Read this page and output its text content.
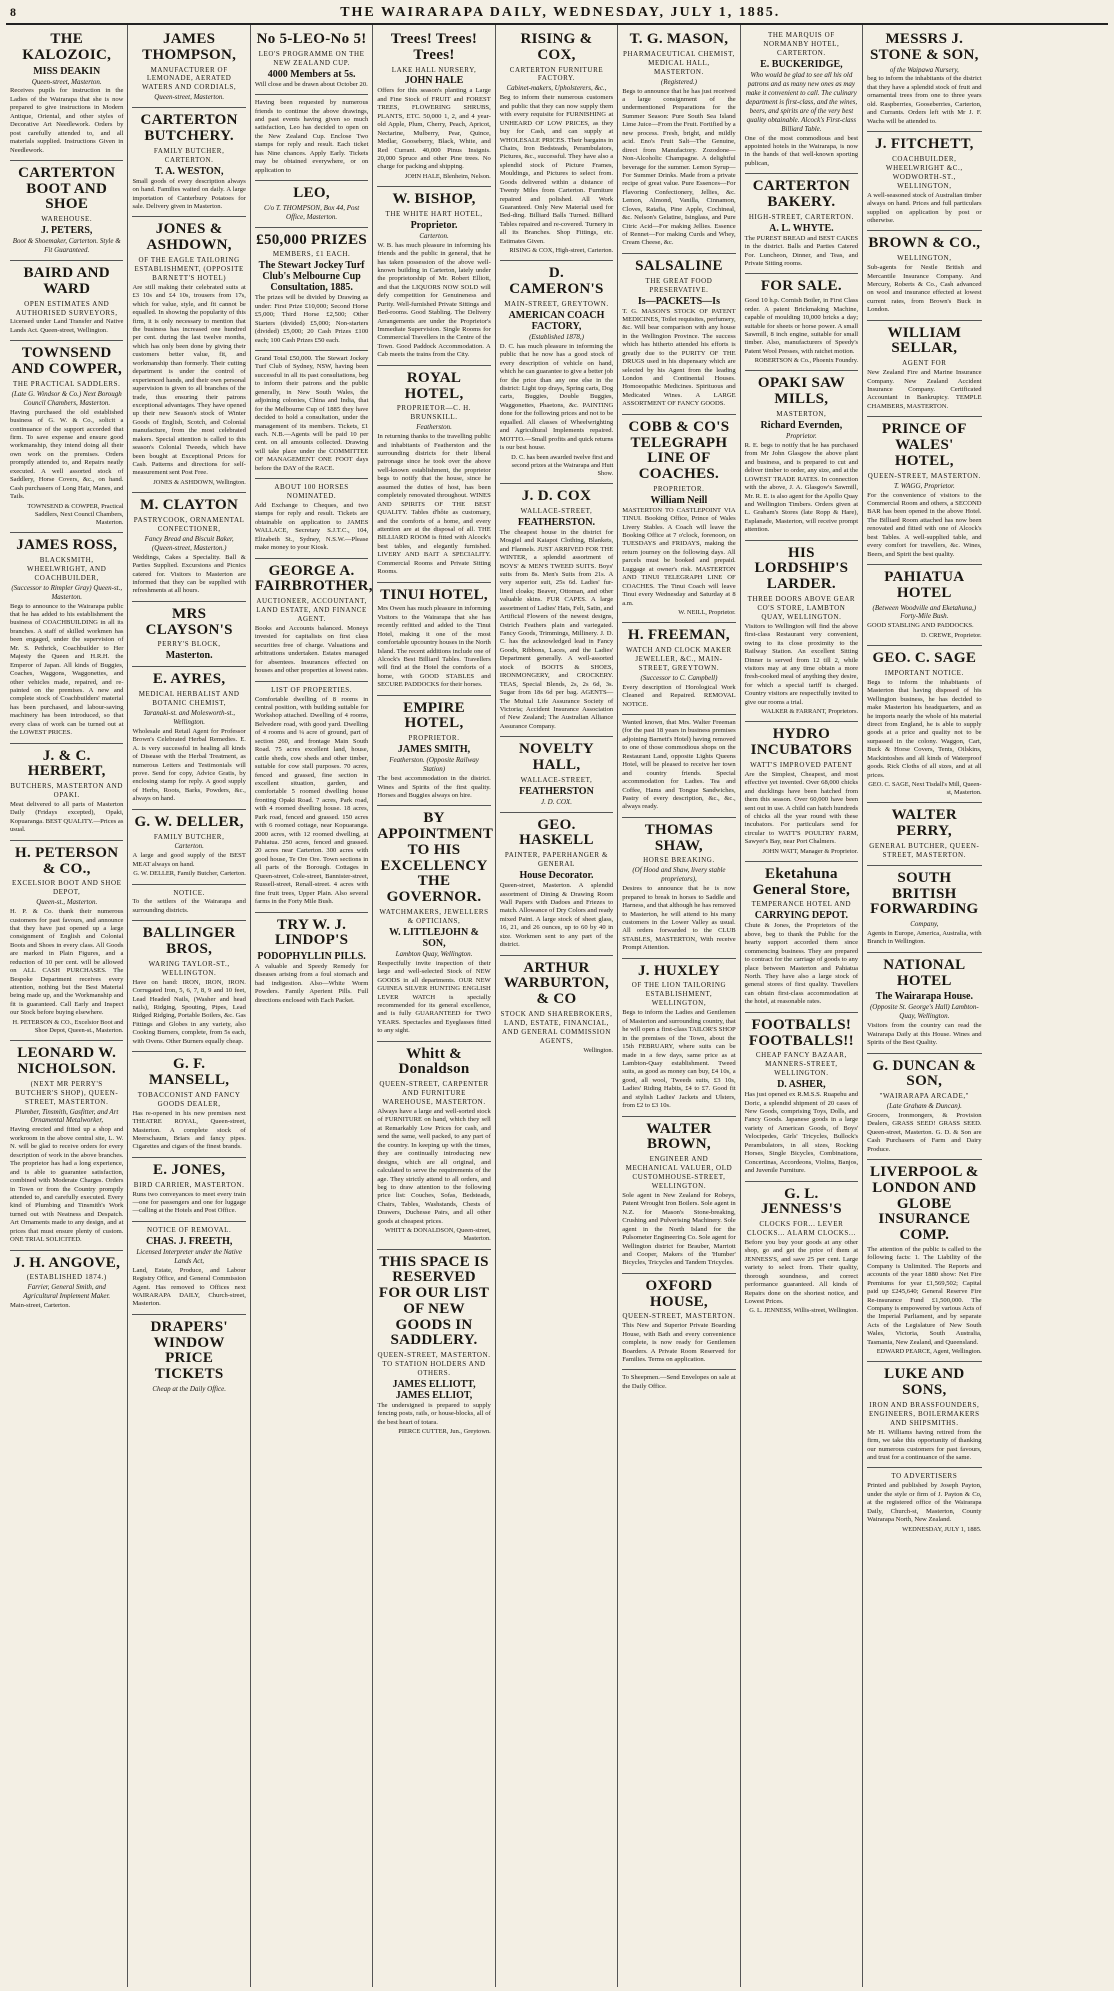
8	THE WAIRARAPA DAILY, WEDNESDAY, JULY 1, 1885.
THE KALOZOIC,
MISS DEAKIN
Queen-street, Masterton.
Receives pupils for instruction in the Ladies of the Wairarapa that she is now prepared to give instructions in Modern Antique, Oriental, and other styles of Decorative Art Needlework. Orders by post carefully attended to, and all materials supplied. Instructions Given in Needlework.
CARTERTON BOOT AND SHOE
WAREHOUSE.
J. PETERS,
Boot & Shoemaker, Carterton. Style & Fit Guaranteed.
BAIRD AND WARD
OPEN ESTIMATES AND AUTHORISED SURVEYORS,
Licensed under Land Transfer and Native Lands Act. Queen-street, Wellington.
TOWNSEND AND COWPER,
THE PRACTICAL SADDLERS.
(Late G. Windsor & Co.) Next Borough Council Chambers, Masterton.
Having purchased the old established business of G. W. & Co., solicit a continuance of the support accorded that firm. To save expense and ensure good workmanship, they intend doing all their own work on the premises. Orders promptly attended to, and Repairs neatly executed. A well assorted stock of Saddlery, Horse Covers, &c., on hand. Cash purchasers of Long Hair, Manes, and Tails.
TOWNSEND & COWPER, Practical Saddlers, Next Council Chambers, Masterton.
JAMES ROSS,
BLACKSMITH, WHEELWRIGHT, AND COACHBUILDER,
(Successor to Rimpler Gray) Queen-st., Masterton.
Begs to announce to the Wairarapa public that he has added to his establishment the business of COACHBUILDING in all its branches. A staff of skilled workmen has been engaged, under the supervision of Mr. S. Pethrick, Coachbuilder to Her Majesty the Queen and H.R.H. the Emperor of Japan. All kinds of Buggies, Coaches, Waggons, Waggonettes, and other vehicles made, repaired, and re-painted on the premises. A new and complete stock of Coachbuilders' material has been purchased, and labour-saving machinery has been introduced, so that every class of work can be turned out at the LOWEST PRICES.
J. & C. HERBERT,
BUTCHERS, MASTERTON AND OPAKI.
Meat delivered to all parts of Masterton Daily (Fridays excepted), Opaki, Kopuaranga. BEST QUALITY.—Prices as usual.
H. PETERSON & CO.,
EXCELSIOR BOOT AND SHOE DEPOT,
Queen-st., Masterton.
H. P. & Co. thank their numerous customers for past favours, and announce that they have just opened up a large consignment of English and Colonial Boots and Shoes in every class. All Goods are marked in Plain Figures, and a reduction of 10 per cent. will be allowed on ALL CASH PURCHASES. The Bespoke Department receives every attention, nothing but the Best Material being made up, and the Workmanship and fit is guaranteed. Call Early and Inspect our Stock before buying elsewhere.
H. PETERSON & CO., Excelsior Boot and Shoe Depot, Queen-st., Masterton.
LEONARD W. NICHOLSON.
(NEXT MR PERRY'S BUTCHER'S SHOP), QUEEN-STREET, MASTERTON.
Plumber, Tinsmith, Gasfitter, and Art Ornamental Metalworker,
Having erected and fitted up a shop and workroom in the above central site, L. W. N. will be glad to receive orders for every description of work in the above branches. The proprietor has had a long experience, and is able to guarantee satisfaction, combined with Moderate Charges. Orders in Town or from the Country promptly attended to, and carefully executed. Every kind of Plumbing and Tinsmith's Work turned out with Neatness and Despatch. Art Ornaments made to any design, and at prices that must ensure plenty of custom. ONE TRIAL SOLICITED.
J. H. ANGOVE,
(ESTABLISHED 1874.)
Farrier, General Smith, and Agricultural Implement Maker.
Main-street, Carterton.
JAMES THOMPSON,
MANUFACTURER OF LEMONADE, AERATED WATERS AND CORDIALS,
Queen-street, Masterton.
CARTERTON BUTCHERY.
FAMILY BUTCHER, CARTERTON.
T. A. WESTON,
Small goods of every description always on hand. Families waited on daily. A large importation of Canterbury Potatoes for sale. Delivery given in Masterton.
JONES & ASHDOWN,
OF THE EAGLE TAILORING ESTABLISHMENT, (OPPOSITE BARNETT'S HOTEL)
Are still making their celebrated suits at £3 10s and £4 10s, trousers from 17s, which for value, style, and fit cannot be equalled. In showing the popularity of this firm, it is only necessary to mention that the business has increased one hundred per cent. during the last twelve months, which has only been done by giving their customers better value, fit, and workmanship than formerly. Their cutting department is under the control of experienced hands, and their own personal supervision is given to all branches of the trade, thus ensuring their patrons exceptional advantages. They have opened up their new Season's stock of Winter Goods of English, Scotch, and Colonial manufacture, from the most celebrated makers. Special attention is called to this season's Colonial Tweeds, which have been bought at Exceptional Prices for Cash. Patterns and directions for self-measurement sent Post Free.
JONES & ASHDOWN, Wellington.
M. CLAYTON
PASTRYCOOK, ORNAMENTAL CONFECTIONER,
Fancy Bread and Biscuit Baker, (Queen-street, Masterton.)
Weddings, Cakes a Speciality. Ball & Parties Supplied. Excursions and Picnics catered for. Visitors to Masterton are informed that they can be supplied with refreshments at all hours.
MRS CLAYSON'S
PERRY'S BLOCK,
Masterton.
E. AYRES,
MEDICAL HERBALIST AND BOTANIC CHEMIST,
Taranaki-st. and Molesworth-st., Wellington.
Wholesale and Retail Agent for Professor Brown's Celebrated Herbal Remedies. E. A. is very successful in healing all kinds of Disease with the Herbal Treatment, as numerous Letters and Testimonials will prove. Send for copy, Advice Gratis, by enclosing stamp for reply. A good supply of Herbs, Roots, Barks, Powders, &c., always on hand.
G. W. DELLER,
FAMILY BUTCHER,
Carterton.
A large and good supply of the BEST MEAT always on hand.
G. W. DELLER, Family Butcher, Carterton.
NOTICE.
To the settlers of the Wairarapa and surrounding districts.
BALLINGER BROS,
WARING TAYLOR-ST., WELLINGTON.
Have on hand: IRON, IRON, IRON. Corrugated Iron, 5, 6, 7, 8, 9 and 10 feet, Lead Headed Nails, (Washer and head nails), Ridging, Spouting, Pipes, Lead Ridged Ridging, Portable Boilers, &c. Gas Fittings and Globes in any variety, also Cooking Burners, complete, from 5s each, with Ovens. Other Burners equally cheap.
G. F. MANSELL,
TOBACCONIST AND FANCY GOODS DEALER,
Has re-opened in his new premises next THEATRE ROYAL, Queen-street, Masterton. A complete stock of Meerschaum, Briars and fancy pipes. Cigarettes and cigars of the finest brands.
E. JONES,
BIRD CARRIER, MASTERTON.
Runs two conveyances to meet every train—one for passengers and one for luggage—calling at the Hotels and Post Office.
NOTICE OF REMOVAL.
CHAS. J. FREETH,
Licensed Interpreter under the Native Lands Act,
Land, Estate, Produce, and Labour Registry Office, and General Commission Agent. Has removed to Offices next WAIRARAPA DAILY, Church-street, Masterton.
DRAPERS' WINDOW PRICE TICKETS
Cheap at the Daily Office.
No 5-LEO-No 5!
LEO'S PROGRAMME ON THE NEW ZEALAND CUP.
4000 Members at 5s.
Will close and be drawn about October 20.
Having been requested by numerous friends to continue the above drawings, and past events having given so much satisfaction, Leo has decided to open on the New Zealand Cup. Enclose Two stamps for reply and result. Each ticket has Nine chances. Apply Early. Tickets may be obtained everywhere, or on application to
LEO,
C/o T. THOMPSON, Box 44, Post Office, Masterton.
£50,000 PRIZES
MEMBERS, £1 EACH.
The Stewart Jockey Turf Club's Melbourne Cup Consultation, 1885.
The prizes will be divided by Drawing as under: First Prize £10,000; Second Horse £5,000; Third Horse £2,500; Other Starters (divided) £5,000; Non-starters (divided) £5,000; 20 Cash Prizes £100 each; 100 Cash Prizes £50 each.
Grand Total £50,000. The Stewart Jockey Turf Club of Sydney, NSW, having been successful in all its past consultations, beg to inform their patrons and the public generally, in New South Wales, the adjoining colonies, China and India, that for the Melbourne Cup of 1885 they have decided to hold a consultation, under the management of its members. Tickets, £1 each. N.B.—Agents will be paid 10 per cent. on all amounts collected. Drawing will take place under the COMMITTEE OF MANAGEMENT ONE FOOT days before the DAY of the RACE.
ABOUT 100 HORSES NOMINATED.
Add Exchange to Cheques, and two stamps for reply and result. Tickets are obtainable on application to JAMES WALLACE, Secretary S.J.T.C., 104, Elizabeth St., Sydney, N.S.W.—Please make money to your Kiosk.
GEORGE A. FAIRBROTHER,
AUCTIONEER, ACCOUNTANT, LAND ESTATE, AND FINANCE AGENT.
Books and Accounts balanced. Moneys invested for capitalists on first class securities free of charge. Valuations and arbitrations undertaken. Estates managed for absentees. Insurances effected on houses and other properties at lowest rates.
LIST OF PROPERTIES.
Comfortable dwelling of 8 rooms in central position, with building suitable for Workshop attached. Dwelling of 4 rooms, Belvedere road, with good yard. Dwelling of 4 rooms and ¼ acre of ground, part of section 260, and frontage Main South Road. 75 acres excellent land, house, cattle sheds, cow sheds and other timber, suitable for cow stall purposes. 70 acres, fenced and grassed, fine section in excellent situation, garden, and comfortable 5 roomed dwelling house fronting Opaki Road. 7 acres, Park road, with 4 roomed dwelling house. 18 acres, Park road, fenced and grassed. 150 acres with 6 roomed cottage, near Kopuaranga. 2000 acres, with 12 roomed dwelling, at Pahiatua. 250 acres, fenced and grassed. 20 acres near Carterton. 300 acres with good house, Te Ore Ore. Town sections in all parts of the Borough. Cottages in Queen-street, Cole-street, Bannister-street, Russell-street, Renall-street. 4 acres with fine fruit trees, Upper Plain. Also several farms in the Forty Mile Bush.
TRY W. J. LINDOP'S
PODOPHYLLIN PILLS.
A valuable and Speedy Remedy for diseases arising from a foul stomach and bad indigestion. Also—White Worm Powders. Family Aperient Pills. Full directions enclosed with Each Packet.
Trees! Trees! Trees!
LAKE HALL NURSERY,
JOHN HALE
Offers for this season's planting a Large and Fine Stock of FRUIT and FOREST TREES, FLOWERING SHRUBS, PLANTS, ETC. 50,000 1, 2, and 4 year-old Apple, Plum, Cherry, Peach, Apricot, Nectarine, Mulberry, Pear, Quince, Medlar, Gooseberry, Black, White, and Red Currant. 40,000 Pinus Insignis. 20,000 Spruce and other Pine trees. No charge for packing and shipping.
JOHN HALE, Blenheim, Nelson.
W. BISHOP,
THE WHITE HART HOTEL,
Proprietor.
Carterton.
W. B. has much pleasure in informing his friends and the public in general, that he has taken possession of the above well-known building in Carterton, lately under the proprietorship of Mr. Robert Elliott, and that the LIQUORS NOW SOLD will defy competition for Genuineness and Purity. Well-furnished Private Sittings and Bed-rooms. Good Stabling. The Delivery Arrangements are under the Proprietor's Immediate Supervision. Single Rooms for Commercial Travellers in the Centre of the Town. Good Paddock Accommodation. A Cab meets the trains from the City.
ROYAL HOTEL,
PROPRIETOR—C. H. BRUNSKILL.
Featherston.
In returning thanks to the travelling public and inhabitants of Featherston and the surrounding districts for their liberal patronage since he took over the above well-known establishment, the proprietor begs to notify that the house, since he assumed the duties of host, has been completely renovated throughout. WINES AND SPIRITS OF THE BEST QUALITY. Tables d'hôte as customary, and the comforts of a home, and every attention are at the disposal of all. THE BILLIARD ROOM is fitted with Alcock's best tables, and elegantly furnished. LIVERY AND BAIT A SPECIALITY. Commercial Rooms and Private Sitting Rooms.
TINUI HOTEL,
Mrs Owen has much pleasure in informing Visitors to the Wairarapa that she has recently refitted and added to the Tinui Hotel, making it one of the most comfortable upcountry houses in the North Island. The recent additions include one of Alcock's Best Billiard Tables. Travellers will find at the Hotel the comforts of a home, with GOOD STABLES and SECURE PADDOCKS for their horses.
EMPIRE HOTEL,
PROPRIETOR.
JAMES SMITH,
Featherston. (Opposite Railway Station)
The best accommodation in the district. Wines and Spirits of the first quality. Horses and Buggies always on hire.
BY APPOINTMENT TO HIS EXCELLENCY THE GOVERNOR.
WATCHMAKERS, JEWELLERS & OPTICIANS,
W. LITTLEJOHN & SON,
Lambton Quay, Wellington.
Respectfully invite inspection of their large and well-selected Stock of NEW GOODS in all departments. OUR NEW GUINEA SILVER HUNTING ENGLISH LEVER WATCH is specially recommended for its general excellence, and is fully GUARANTEED for TWO YEARS. Spectacles and Eyeglasses fitted to any sight.
Whitt & Donaldson
QUEEN-STREET, CARPENTER AND FURNITURE WAREHOUSE, MASTERTON.
Always have a large and well-sorted stock of FURNITURE on hand, which they sell at Remarkably Low Prices for cash, and send the same, well packed, to any part of the country. In keeping up with the times, they are continually introducing new designs, which are all original, and calculated to serve the requirements of the age. They strictly attend to all orders, and beg to draw attention to the following price list: Couches, Sofas, Bedsteads, Chairs, Tables, Washstands, Chests of Drawers, Duchesse Pairs, and all other goods at cheapest prices.
WHITT & DONALDSON, Queen-street, Masterton.
THIS SPACE IS RESERVED FOR OUR LIST OF NEW GOODS IN SADDLERY.
QUEEN-STREET, MASTERTON. TO STATION HOLDERS AND OTHERS.
JAMES ELLIOTT, JAMES ELLIOT,
The undersigned is prepared to supply fencing posts, rails, or house-blocks, all of the best heart of totara.
PIERCE CUTTER, Jun., Greytown.
RISING & COX,
CARTERTON FURNITURE FACTORY.
Cabinet-makers, Upholsterers, &c.,
Beg to inform their numerous customers and public that they can now supply them with every requisite for FURNISHING at UNHEARD OF LOW PRICES, as they buy for Cash, and can supply at WHOLESALE PRICES. Their bargains in Chairs, Iron Bedsteads, Perambulators, Pictures, &c., successful. They have also a splendid stock of Picture Frames, Mouldings, and Pictures to select from. Goods delivered within a distance of Twenty Miles from Carterton. Furniture repaired and polished. All Work Guaranteed. Only New Material used for Bed-ding. Billiard Balls Turned. Billiard Tables repaired and re-covered. Turnery in all its Branches. Shop Fittings, etc. Estimates Given.
RISING & COX, High-street, Carterton.
D. CAMERON'S
MAIN-STREET, GREYTOWN.
AMERICAN COACH FACTORY,
(Established 1878,)
D. C. has much pleasure in informing the public that he now has a good stock of every description of vehicle on hand, which he can guarantee to give a better job for the price than any one else in the district: Light top drays, Spring carts, Dog carts, Buggies, Double Buggies, Waggonettes, Phaetons, &c. PAINTING done for the following prices and not to be equalled. All classes of Wheelwrighting and Agricultural Implements repaired. MOTTO.—Small profits and quick returns is our best house.
D. C. has been awarded twelve first and second prizes at the Wairarapa and Hutt Show.
J. D. COX
WALLACE-STREET,
FEATHERSTON.
The cheapest house in the district for Mosgiel and Kaiapoi Clothing, Blankets, and Flannels. JUST ARRIVED FOR THE WINTER, a splendid assortment of BOYS' & MEN'S TWEED SUITS. Boys' suits from 8s. Men's Suits from 21s. A very superior suit, 25s 6d. Ladies' fur-lined cloaks; Beaver, Ottoman, and other valuable skins. FUR CAPES. A large assortment of Ladies' Hats, Felt, Satin, and Artificial Flowers of the newest designs, Ostrich Feathers plain and variegated. Fancy Goods, Trimmings, Millinery. J. D. C. has the acknowledged lead in Fancy Goods, Ribbons, Laces, and the Ladies' Department generally. A well-assorted stock of BOOTS & SHOES, IRONMONGERY, and CROCKERY. TEAS, Special Blends, 2s, 2s 6d, 3s. Sugar from 18s 6d per bag. AGENTS—The Mutual Life Assurance Society of Victoria; Accident Insurance Association of New Zealand; The Australian Alliance Assurance Company.
NOVELTY HALL,
WALLACE-STREET,
FEATHERSTON
J. D. COX.
GEO. HASKELL
PAINTER, PAPERHANGER & GENERAL
House Decorator.
Queen-street, Masterton. A splendid assortment of Dining & Drawing Room Wall Papers with Dadoes and Friezes to match. Allowance of Dry Colors and ready mixed Paint. A large stock of sheet glass, 16, 21, and 26 ounces, up to 60 by 40 in size. Workmen sent to any part of the district.
ARTHUR WARBURTON, & CO
STOCK AND SHAREBROKERS, LAND, ESTATE, FINANCIAL, AND GENERAL COMMISSION AGENTS,
Wellington.
T. G. MASON,
PHARMACEUTICAL CHEMIST, MEDICAL HALL, MASTERTON.
(Registered.)
Begs to announce that he has just received a large consignment of the undermentioned Preparations for the Summer Season: Pure South Sea Island Lime Juice—From the Fruit. Fortified by a new process. Fresh, bright, and mildly acid. Eno's Fruit Salt—The Genuine, direct from Manufactory. Zozodone—Non-Alcoholic Champagne. A delightful beverage for the summer. Lemon Syrup—For Summer Drinks. Made from a private recipe of great value. Pure Essences—For Flavoring Confectionery, Jellies, &c. Lemon, Almond, Vanilla, Cinnamon, Cloves, Ratafia, Pine Apple, Cochineal, &c. Nelson's Gelatine, Isinglass, and Pure Citric Acid—For making Jellies. Essence of Rennet—For making Curds and Whey, Cream Cheese, &c.
SALSALINE
THE GREAT FOOD PRESERVATIVE.
Is—PACKETS—Is
T. G. MASON'S STOCK OF PATENT MEDICINES, Toilet requisites, perfumery, &c. Will bear comparison with any house in the Wellington Province. The success which has hitherto attended his efforts is greatly due to the PURITY OF THE DRUGS used in his dispensary which are selected by his Agent from the leading London and Continental Houses. Homoeopathic Medicines. Spirituous and Medicated Wines. A LARGE ASSORTMENT OF FANCY GOODS.
COBB & CO'S TELEGRAPH LINE OF COACHES.
PROPRIETOR.
William Neill
MASTERTON TO CASTLEPOINT VIA TINUI. Booking Office, Prince of Wales Livery Stables. A Coach will leave the Booking Office at 7 o'clock, forenoon, on TUESDAYS and FRIDAYS, making the return journey on the following days. All parcels must be booked and prepaid. Luggage at owner's risk. MASTERTON AND TINUI TELEGRAPH LINE OF COACHES. The Tinui Coach will leave Tinui every Wednesday and Saturday at 8 a.m.
W. NEILL, Proprietor.
H. FREEMAN,
WATCH AND CLOCK MAKER JEWELLER, &C., MAIN-STREET, GREYTOWN.
(Successor to C. Campbell)
Every description of Horological Work Cleaned and Repaired. REMOVAL NOTICE.
Wanted known, that Mrs. Walter Freeman (for the past 18 years in business premises adjoining Barnett's Hotel) having removed to one of those commodious shops on the Restaurant Land, opposite Lights Queens Hotel, will be pleased to receive her town and country friends. Special accommodation for Ladies. Tea and Coffee, Hams and Tongue Sandwiches, Pastry of every description, &c., &c., always ready.
THOMAS SHAW,
HORSE BREAKING.
(Of Hood and Shaw, livery stable proprietors),
Desires to announce that he is now prepared to break in horses to Saddle and Harness, and that although he has removed to Masterton, he will attend to his many customers in the Lower Valley as usual. All orders forwarded to the CLUB STABLES, MASTERTON, With receive Prompt Attention.
J. HUXLEY
OF THE LION TAILORING ESTABLISHMENT, WELLINGTON,
Begs to inform the Ladies and Gentlemen of Masterton and surrounding country, that he will open a first-class TAILOR'S SHOP in the premises of the Town, about the 15th FEBRUARY, where suits can be made in a few days, same price as at Lambton-Quay establishment. Tweed suits, as good as money can buy, £4 10s, a good, all wool, Tweeds suits, £3 10s, Ladies' Riding Habits, £4 to £7. Good fit and stylish Ladies' Jackets and Ulsters, from £2 to £3 10s.
WALTER BROWN,
ENGINEER AND MECHANICAL VALUER, OLD CUSTOMHOUSE-STREET, WELLINGTON.
Sole agent in New Zealand for Robeys, Patent Wrought Iron Boilers. Sole agent in N.Z. for Mason's Stone-breaking, Crushing and Pulverising Machinery. Sole agent in the North Island for the Pulsometer Engineering Co. Sole agent for Wellington district for Brauber, Marriott and Cooper, Makers of the 'Humber' Bicycles, Tricycles and Tandem Tricycles.
OXFORD HOUSE,
QUEEN-STREET, MASTERTON.
This New and Superior Private Boarding House, with Bath and every convenience complete, is now ready for Gentlemen Boarders. A Private Room Reserved for Families. Terms on application.
To Sheepmen.—Send Envelopes on sale at the Daily Office.
THE MARQUIS OF NORMANBY HOTEL, CARTERTON.
E. BUCKERIDGE,
Who would be glad to see all his old patrons and as many new ones as may make it convenient to call. The culinary department is first-class, and the wines, beers, and spirits are of the very best quality obtainable. Alcock's First-class Billiard Table.
One of the most commodious and best appointed hotels in the Wairarapa, is now in the hands of that well-known sporting publican,
CARTERTON BAKERY.
HIGH-STREET, CARTERTON.
A. L. WHYTE.
The PUREST BREAD and BEST CAKES in the district. Balls and Parties Catered For. Luncheon, Dinner, and Teas, and Private Sitting rooms.
FOR SALE.
Good 10 h.p. Cornish Boiler, in First Class order. A patent Brickmaking Machine, capable of moulding 10,000 bricks a day; suitable for sheets or horse power. A small Sawmill, 8 inch engine, suitable for small timber. Also, manufacturers of Speedy's Patent Wool Presses, with ratchet motion.
ROBERTSON & Co., Phoenix Foundry.
OPAKI SAW MILLS,
MASTERTON,
Richard Evernden,
Proprietor.
R. E. begs to notify that he has purchased from Mr John Glasgow the above plant and business, and is prepared to cut and deliver timber to order, any size, and at the LOWEST TRADE RATES. In connection with the above, J. A. Glasgow's Sawmill, Mr. R. E. is also agent for the Apollo Quay and Wellington Timbers. Orders given at L. Graham's Stores (late Ropp & Hare), Esplanade, Masterton, will receive prompt attention.
HIS LORDSHIP'S LARDER.
THREE DOORS ABOVE GEAR CO'S STORE, LAMBTON QUAY, WELLINGTON.
Visitors to Wellington will find the above first-class Restaurant very convenient, owing to its close proximity to the Railway Station. An excellent Sitting Dinner is served from 12 till 2, while visitors may at any time obtain a more fresh-cooked meal of anything they desire, for which a special tariff is charged. Country visitors are respectfully invited to give our rooms a trial.
WALKER & FARRANT, Proprietors.
HYDRO INCUBATORS
WATT'S IMPROVED PATENT
Are the Simplest, Cheapest, and most effective yet invented. Over 68,000 chicks and ducklings have been hatched from them this season. Over 60,000 have been sent out in use. A child can hatch hundreds of chicks all the year round with these incubators. For particulars send for circular to WATT'S POULTRY FARM, Sawyer's Bay, near Port Chalmers.
JOHN WATT, Manager & Proprietor.
Eketahuna General Store,
TEMPERANCE HOTEL AND
CARRYING DEPOT.
Chute & Jones, the Proprietors of the above, beg to thank the Public for the hearty support accorded them since commencing business. They are prepared to contract for the carriage of goods to any place between Masterton and Pahiatua North. They have also a large stock of general stores of first quality. Travellers can obtain first-class accommodation at the hotel, at reasonable rates.
FOOTBALLS! FOOTBALLS!!
CHEAP FANCY BAZAAR, MANNERS-STREET, WELLINGTON.
D. ASHER,
Has just opened ex R.M.S.S. Ruapehu and Doric, a splendid shipment of 20 cases of New Goods, comprising Toys, Dolls, and Fancy Goods. Japanese goods in a large variety of American Goods, of Boys' Velocipedes, Girls' Tricycles, Bullock's Perambulators, in all sizes, Rocking Horses, Single Bicycles, Combinations, Concertinas, Accordeons, Violins, Banjos, and Juvenile Furniture.
G. L. JENNESS'S
CLOCKS FOR... LEVER CLOCKS... ALARM CLOCKS...
Before you buy your goods at any other shop, go and get the price of them at JENNESS'S, and save 25 per cent. Large variety to select from. Their quality, thorough soundness, and correct performance guaranteed. All kinds of Repairs done on the shortest notice, and Lowest Prices.
G. L. JENNESS, Willis-street, Wellington.
MESSRS J. STONE & SON,
of the Waipawa Nursery,
beg to inform the inhabitants of the district that they have a splendid stock of fruit and ornamental trees from one to three years old. Raspberries, Gooseberries, Carterton, and Currants. Orders left with Mr J. F. Wachs will be attended to.
J. FITCHETT,
COACHBUILDER, WHEELWRIGHT &C., WODWORTH-ST., WELLINGTON,
A well-seasoned stock of Australian timber always on hand. Prices and full particulars supplied on application by post or otherwise.
BROWN & CO.,
WELLINGTON,
Sub-agents for Nestle British and Mercantile Insurance Company. And Mercury, Roberts & Co., Cash advanced on wool and insurance effected at lowest current rates, from Brown's Buck in London.
WILLIAM SELLAR,
AGENT FOR
New Zealand Fire and Marine Insurance Company. New Zealand Accident Insurance Company. Certificated Accountant in Bankruptcy. TEMPLE CHAMBERS, MASTERTON.
PRINCE OF WALES' HOTEL,
QUEEN-STREET, MASTERTON.
T. WAGG, Proprietor.
For the convenience of visitors to the Commercial Room and others, a SECOND BAR has been opened in the above Hotel. The Billiard Room attached has now been renovated and fitted with one of Alcock's best Tables. A well-supplied table, and every comfort for travellers, &c. Wines, Beers, and Spirit the best quality.
PAHIATUA HOTEL
(Between Woodville and Eketahuna,) Forty-Mile Bush.
GOOD STABLING AND PADDOCKS.
D. CREWE, Proprietor.
GEO. C. SAGE
IMPORTANT NOTICE.
Begs to inform the inhabitants of Masterton that having disposed of his Wellington business, he has decided to make Masterton his headquarters, and as he imports nearly the whole of his material direct from England, he is able to supply goods at a price and quality not to be surpassed in the colony. Waggon, Cart, Buck & Horse Covers, Tents, Oilskins, Mackintoshes and all kinds of Waterproof goods. Rick Cloths of all sizes, and at all prices.
GEO. C. SAGE, Next Tisdall's Mill, Queen-st, Masterton.
WALTER PERRY,
GENERAL BUTCHER, QUEEN-STREET, MASTERTON.
SOUTH BRITISH FORWARDING
Company,
Agents in Europe, America, Australia, with Branch in Wellington.
NATIONAL HOTEL
The Wairarapa House.
(Opposite St. George's Hall) Lambton-Quay, Wellington.
Visitors from the country can read the Wairarapa Daily at this House. Wines and Spirits of the Best Quality.
G. DUNCAN & SON,
"WAIRARAPA ARCADE,"
(Late Graham & Duncan).
Grocers, Ironmongers, & Provision Dealers, GRASS SEED! GRASS SEED. Queen-street, Masterton. G. D. & Son are Cash Purchasers of Farm and Dairy Produce.
LIVERPOOL & LONDON AND GLOBE INSURANCE COMP.
The attention of the public is called to the following facts: 1. The Liability of the Company is Unlimited. The Reports and accounts of the year 1880 show: Net Fire Premiums for year £1,569,502; Capital paid up £245,640; General Reserve Fire Re-insurance Fund £1,500,000. The Company is empowered by various Acts of the Imperial Parliament, and by separate Acts of the Legislature of New South Wales, Victoria, South Australia, Tasmania, New Zealand, and Queensland.
EDWARD PEARCE, Agent, Wellington.
LUKE AND SONS,
IRON AND BRASSFOUNDERS, ENGINEERS, BOILERMAKERS AND SHIPSMITHS.
Mr H. Williams having retired from the firm, we take this opportunity of thanking our numerous customers for past favours, and trust for a continuance of the same.
TO ADVERTISERS
Printed and published by Joseph Payton, under the style or firm of J. Payton & Co, at the registered office of the Wairarapa Daily, Church-st, Masterton, County Wairarapa North, New Zealand.
WEDNESDAY, JULY 1, 1885.
